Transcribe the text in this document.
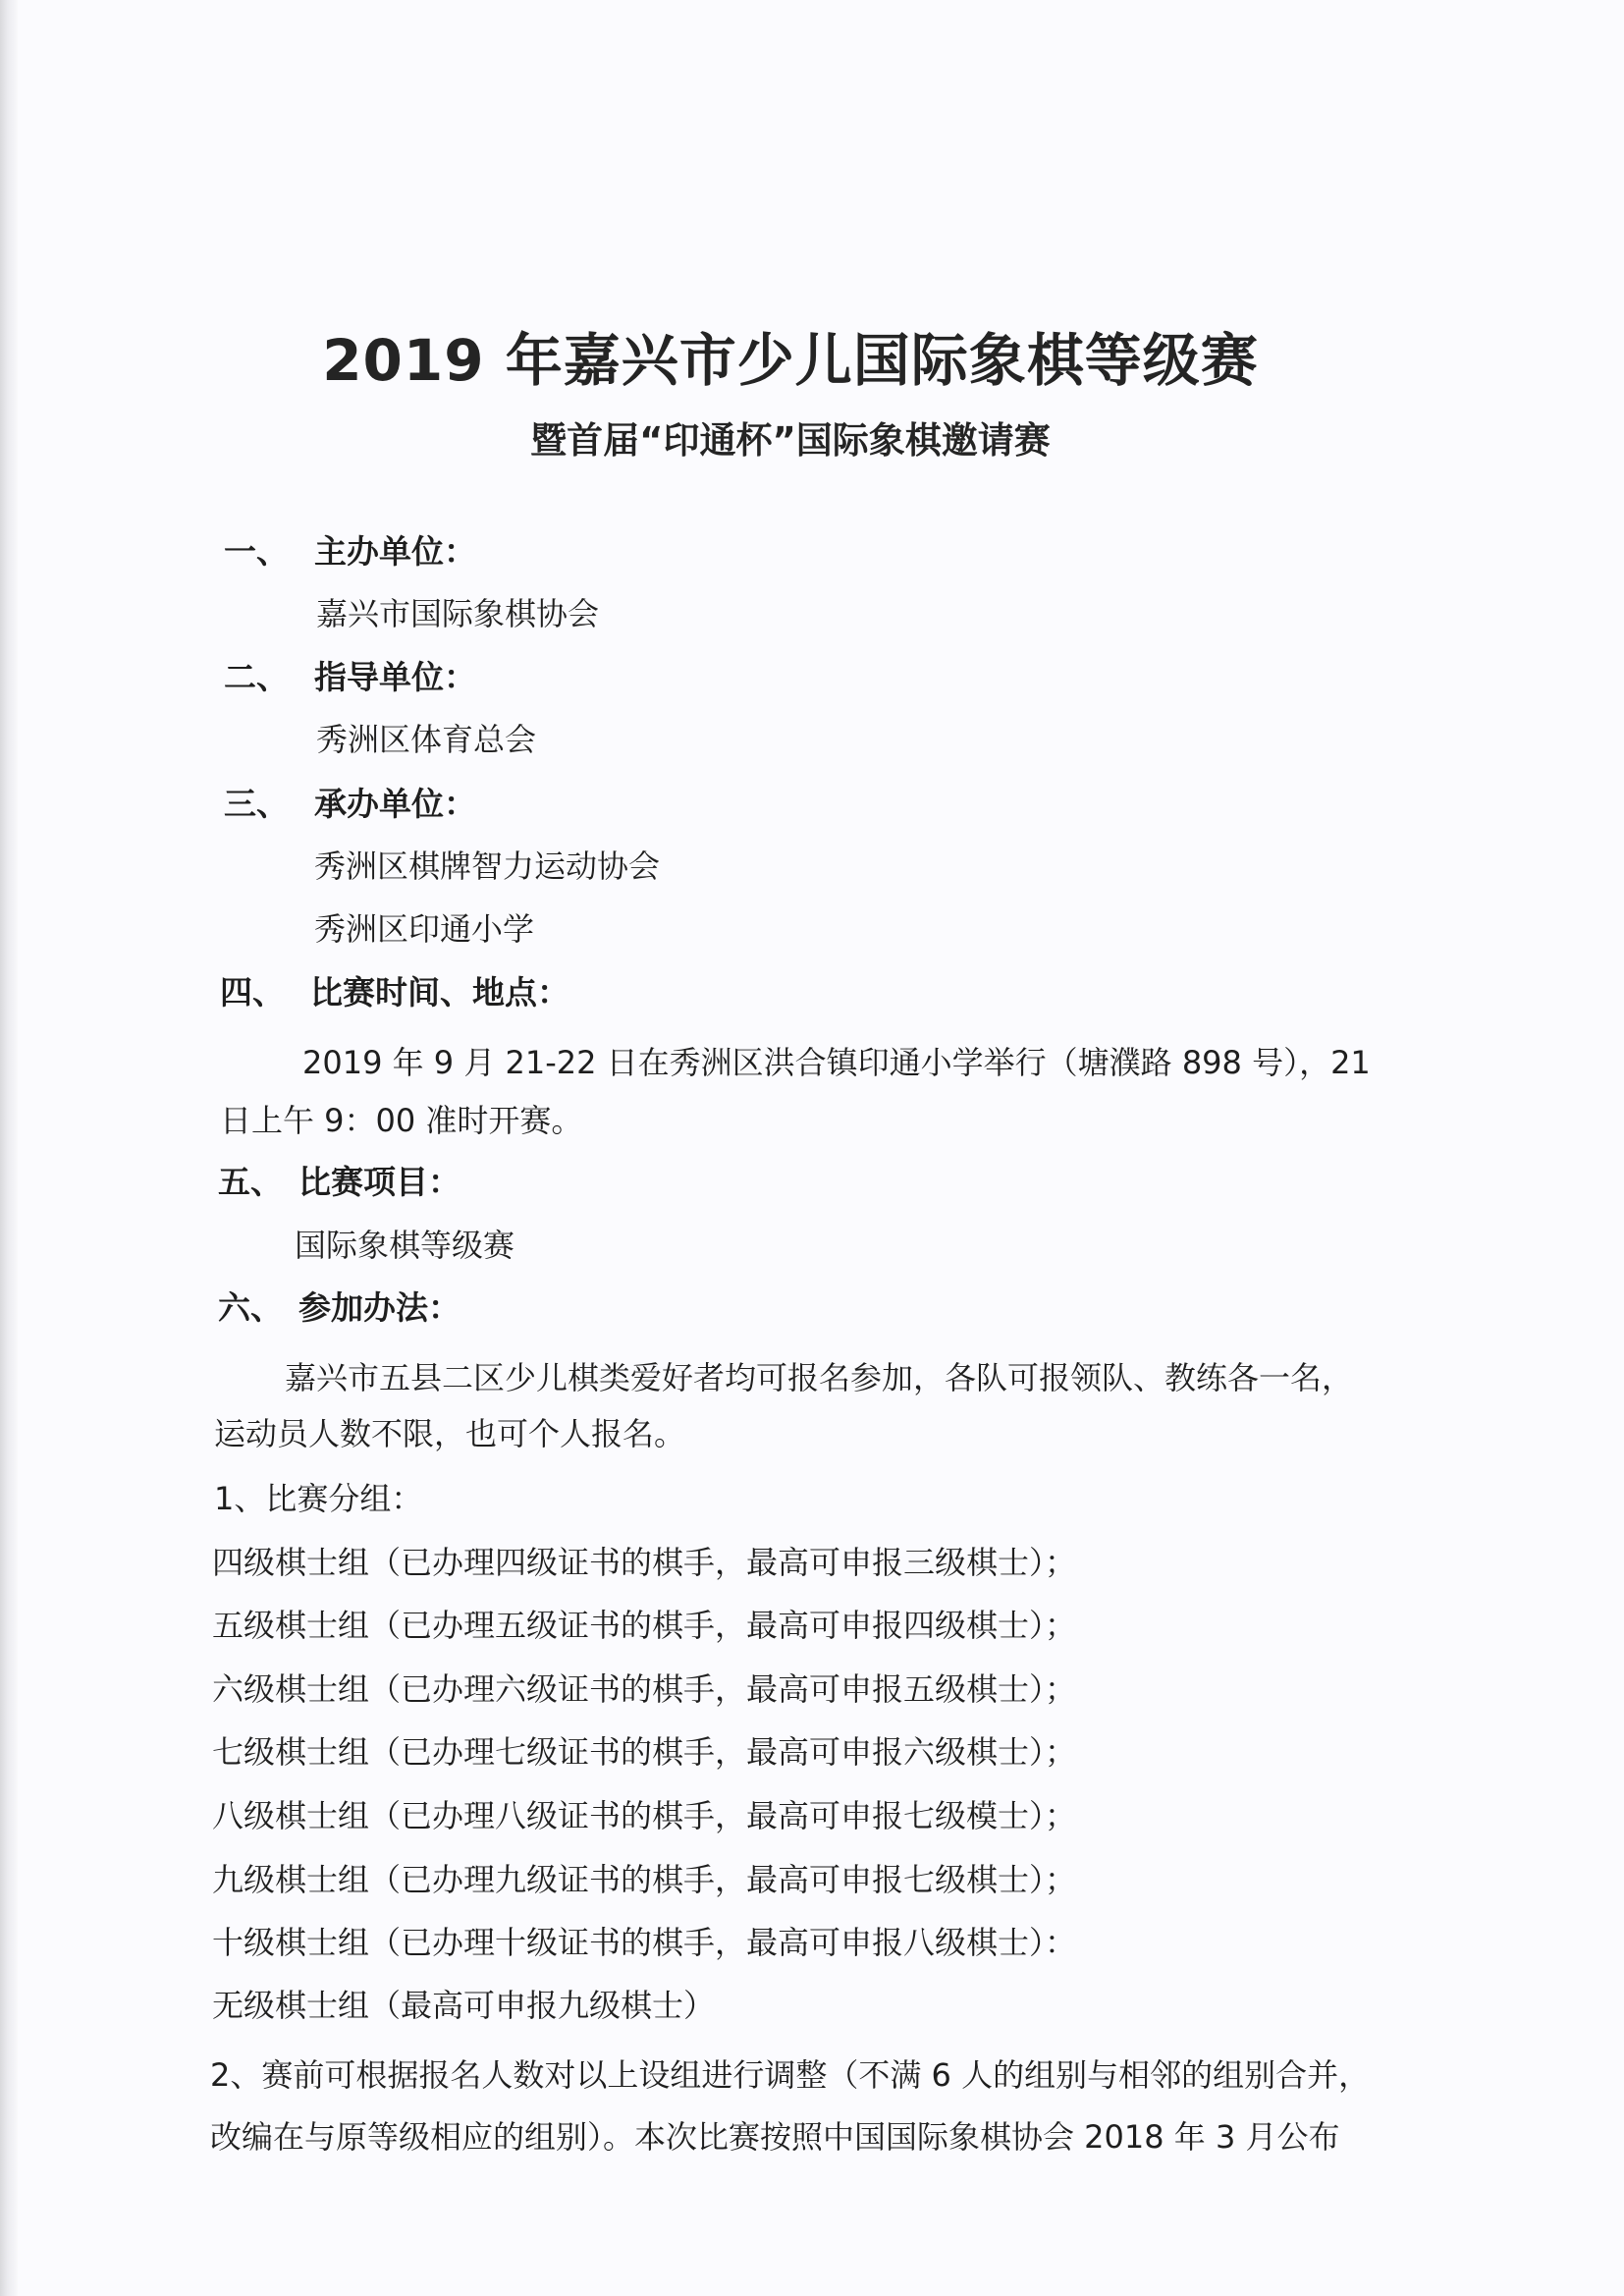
2019 年嘉兴市少儿国际象棋等级赛
暨首届“印通杯”国际象棋邀请赛
一、 主办单位：
嘉兴市国际象棋协会
二、 指导单位：
秀洲区体育总会
三、 承办单位：
秀洲区棋牌智力运动协会
秀洲区印通小学
四、 比赛时间、地点：
2019 年 9 月 21-22 日在秀洲区洪合镇印通小学举行（塘濮路 898 号），21
日上午 9：00 准时开赛。
五、 比赛项目：
国际象棋等级赛
六、 参加办法：
嘉兴市五县二区少儿棋类爱好者均可报名参加，各队可报领队、教练各一名，
运动员人数不限，也可个人报名。
1、比赛分组：
四级棋士组（已办理四级证书的棋手，最高可申报三级棋士）；
五级棋士组（已办理五级证书的棋手，最高可申报四级棋士）；
六级棋士组（已办理六级证书的棋手，最高可申报五级棋士）；
七级棋士组（已办理七级证书的棋手，最高可申报六级棋士）；
八级棋士组（已办理八级证书的棋手，最高可申报七级模士）；
九级棋士组（已办理九级证书的棋手，最高可申报七级棋士）；
十级棋士组（已办理十级证书的棋手，最高可申报八级棋士）：
无级棋士组（最高可申报九级棋士）
2、赛前可根据报名人数对以上设组进行调整（不满 6 人的组别与相邻的组别合并，
改编在与原等级相应的组别）。本次比赛按照中国国际象棋协会 2018 年 3 月公布
